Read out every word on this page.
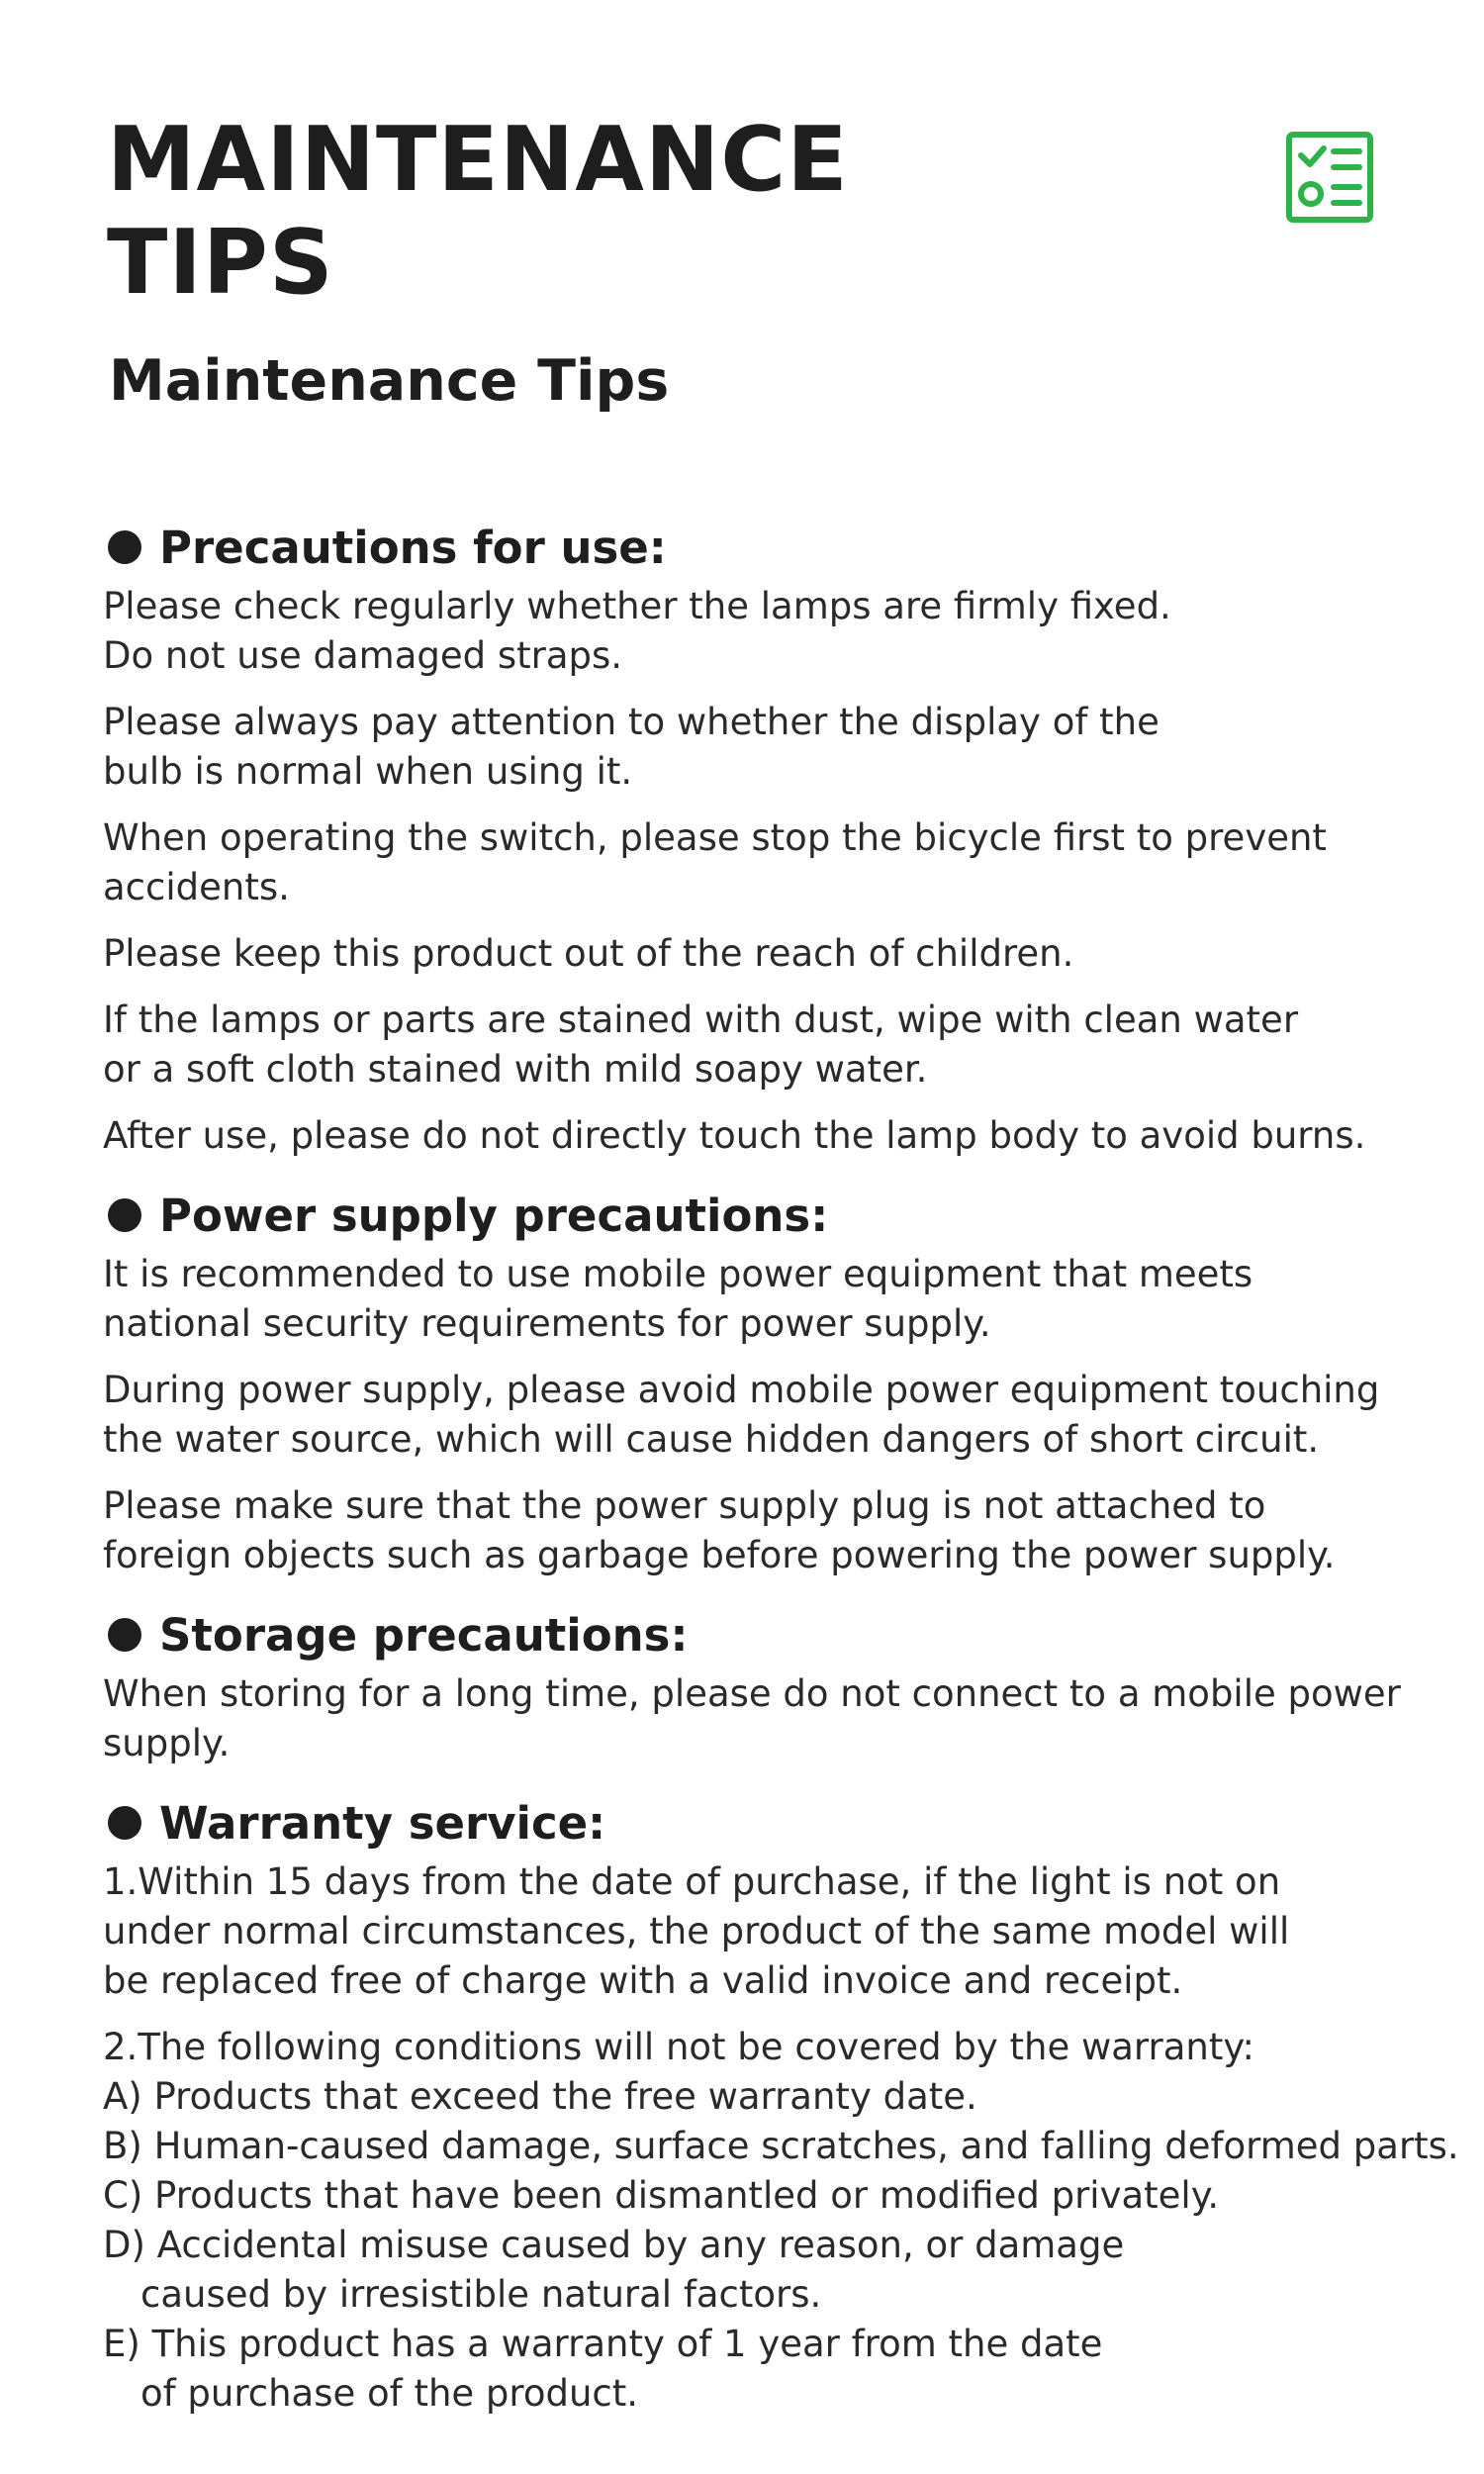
MAINTENANCE
TIPS
Maintenance Tips
Precautions for use:

Please check regularly whether the lamps are firmly fixed.
Do not use damaged straps.

Please always pay attention to whether the display of the
bulb is normal when using it.

When operating the switch, please stop the bicycle first to prevent accidents.

Please keep this product out of the reach of children.

If the lamps or parts are stained with dust, wipe with clean water
or a soft cloth stained with mild soapy water.

After use, please do not directly touch the lamp body to avoid burns.

Power supply precautions:

It is recommended to use mobile power equipment that meets
national security requirements for power supply.

During power supply, please avoid mobile power equipment touching
the water source, which will cause hidden dangers of short circuit.

Please make sure that the power supply plug is not attached to
foreign objects such as garbage before powering the power supply.

Storage precautions:

When storing for a long time, please do not connect to a mobile power supply.

Warranty service:

1.Within 15 days from the date of purchase, if the light is not on
under normal circumstances, the product of the same model will
be replaced free of charge with a valid invoice and receipt.

2.The following conditions will not be covered by the warranty:

A) Products that exceed the free warranty date.

B) Human-caused damage, surface scratches, and falling deformed parts.

C) Products that have been dismantled or modified privately.

D) Accidental misuse caused by any reason, or damage caused by irresistible natural factors.

E) This product has a warranty of 1 year from the date of purchase of the product.
